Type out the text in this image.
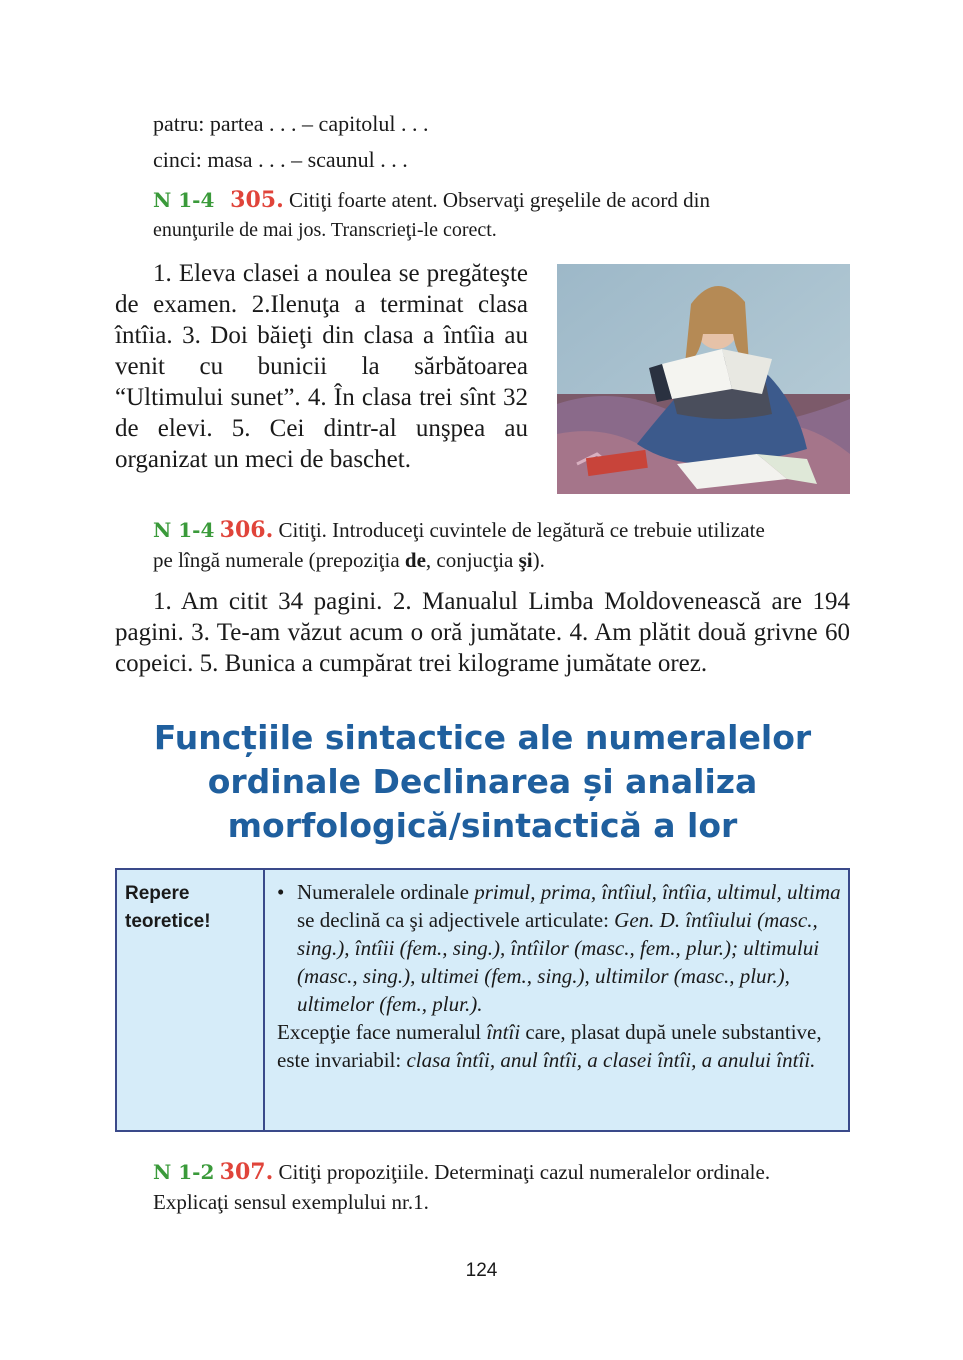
patru: partea . . . – capitolul . . .
cinci: masa . . . – scaunul . . .
N 1-4 305. Citiţi foarte atent. Observaţi greşelile de acord din
enunţurile de mai jos. Transcrieţi-le corect.
1. Eleva clasei a noulea se pregăteşte de examen. 2.Ilenuţa a terminat clasa întîia. 3. Doi băieţi din clasa a întîia au venit cu bunicii la sărbătoarea “Ultimului sunet”. 4. În clasa trei sînt 32 de elevi. 5. Cei dintr-al unşpea au organizat un meci de baschet.
N 1-4 306. Citiţi. Introduceţi cuvintele de legătură ce trebuie utilizate
pe lîngă numerale (prepoziţia de, conjucţia şi).
1. Am citit 34 pagini. 2. Manualul Limba Moldovenească are 194 pagini. 3. Te-am văzut acum o oră jumătate. 4. Am plătit două grivne 60 copeici. 5. Bunica a cumpărat trei kilograme jumătate orez.
Funcțiile sintactice ale numeralelor
ordinale Declinarea și analiza
morfologică/sintactică a lor
Repere
teoretice!
• Numeralele ordinale primul, prima, întîiul, întîia, ultimul, ultima se declină ca şi adjectivele articulate: Gen. D. întîiului (masc., sing.), întîii (fem., sing.), întîilor (masc., fem., plur.); ultimului (masc., sing.), ultimei (fem., sing.), ultimilor (masc., plur.), ultimelor (fem., plur.).
Excepţie face numeralul întîi care, plasat după unele substantive, este invariabil: clasa întîi, anul întîi, a clasei întîi, a anului întîi.
N 1-2 307. Citiţi propoziţiile. Determinaţi cazul numeralelor ordinale.
Explicaţi sensul exemplului nr.1.
124
